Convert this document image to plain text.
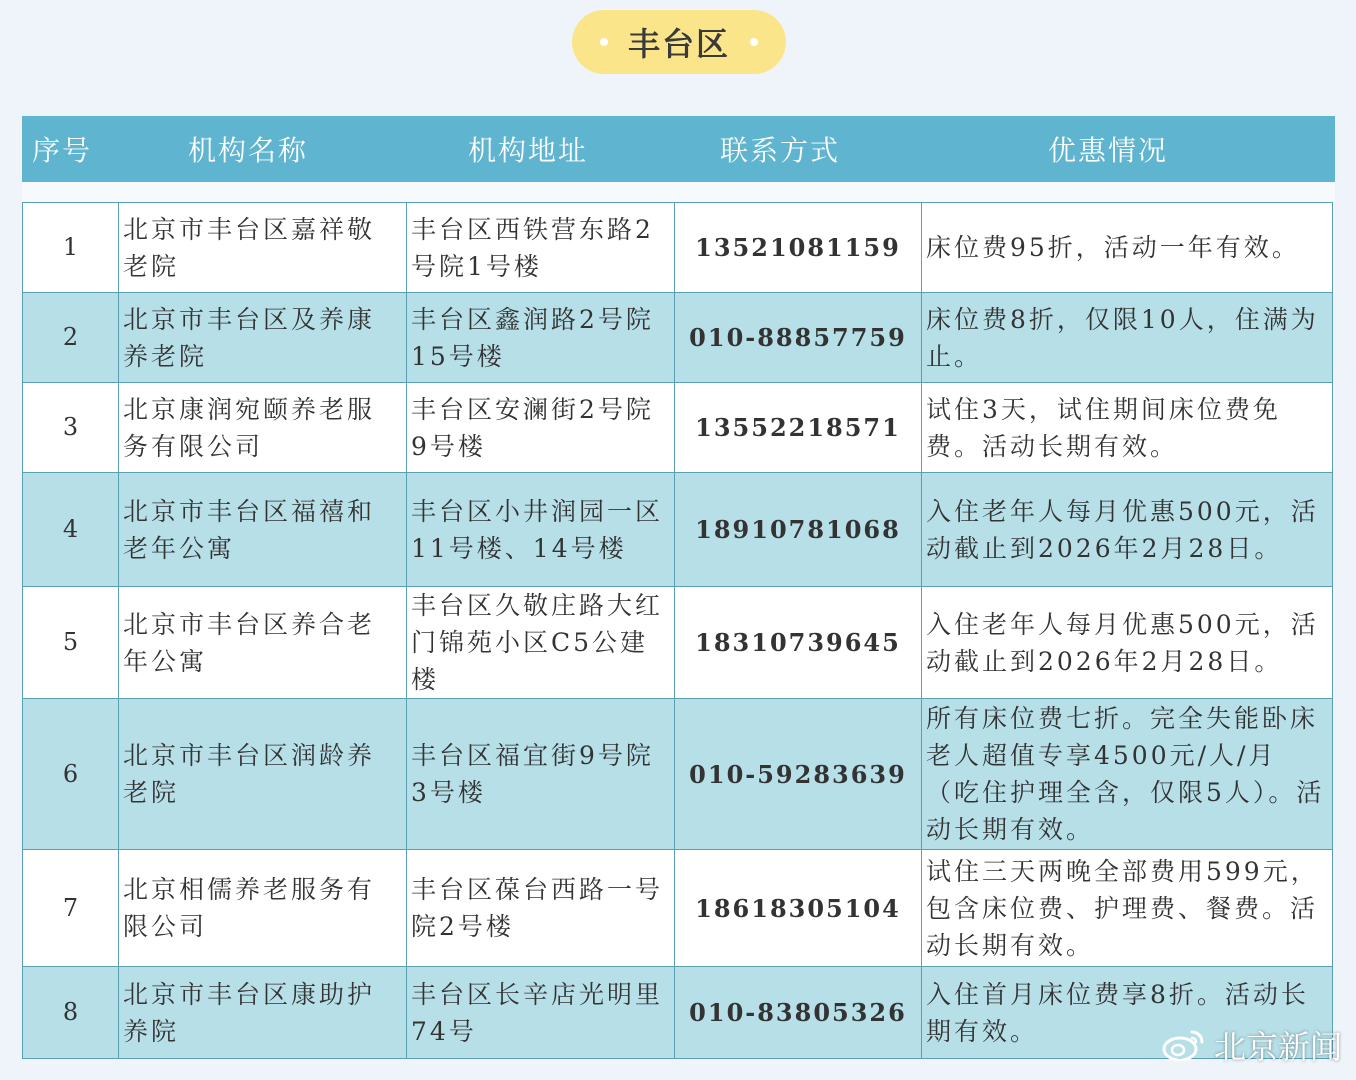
丰台区
序号	机构名称	机构地址	联系方式	优惠情况
1	北京市丰台区嘉祥敬老院	丰台区西铁营东路2号院1号楼	13521081159	床位费95折，活动一年有效。
2	北京市丰台区及养康养老院	丰台区鑫润路2号院15号楼	010-88857759	床位费8折，仅限10人，住满为止。
3	北京康润宛颐养老服务有限公司	丰台区安澜街2号院9号楼	13552218571	试住3天，试住期间床位费免费。活动长期有效。
4	北京市丰台区福禧和老年公寓	丰台区小井润园一区11号楼、14号楼	18910781068	入住老年人每月优惠500元，活动截止到2026年2月28日。
5	北京市丰台区养合老年公寓	丰台区久敬庄路大红门锦苑小区C5公建楼	18310739645	入住老年人每月优惠500元，活动截止到2026年2月28日。
6	北京市丰台区润龄养老院	丰台区福宜街9号院3号楼	010-59283639	所有床位费七折。完全失能卧床老人超值专享4500元/人/月（吃住护理全含，仅限5人）。活动长期有效。
7	北京相儒养老服务有限公司	丰台区葆台西路一号院2号楼	18618305104	试住三天两晚全部费用599元，包含床位费、护理费、餐费。活动长期有效。
8	北京市丰台区康助护养院	丰台区长辛店光明里74号	010-83805326	入住首月床位费享8折。活动长期有效。	北京新闻
